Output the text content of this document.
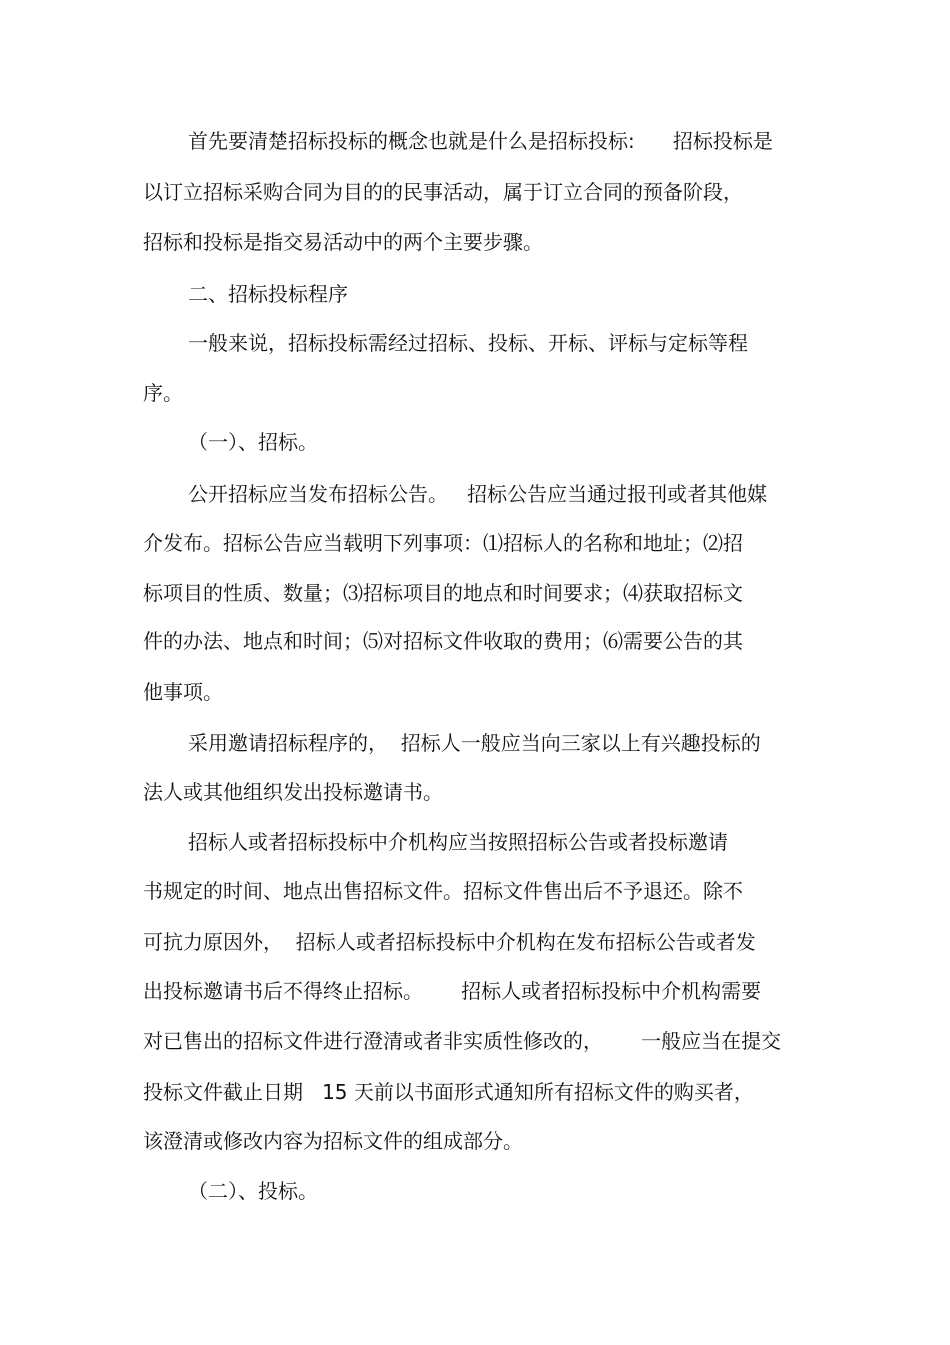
首先要清楚招标投标的概念也就是什么是招标投标:      招标投标是
以订立招标采购合同为目的的民事活动，属于订立合同的预备阶段，
招标和投标是指交易活动中的两个主要步骤。
二、招标投标程序
一般来说，招标投标需经过招标、投标、开标、评标与定标等程
序。
（一）、招标。
公开招标应当发布招标公告。   招标公告应当通过报刊或者其他媒
介发布。招标公告应当载明下列事项：⑴招标人的名称和地址；⑵招
标项目的性质、数量；⑶招标项目的地点和时间要求；⑷获取招标文
件的办法、地点和时间；⑸对招标文件收取的费用；⑹需要公告的其
他事项。
采用邀请招标程序的，  招标人一般应当向三家以上有兴趣投标的
法人或其他组织发出投标邀请书。
招标人或者招标投标中介机构应当按照招标公告或者投标邀请
书规定的时间、地点出售招标文件。招标文件售出后不予退还。除不
可抗力原因外，  招标人或者招标投标中介机构在发布招标公告或者发
出投标邀请书后不得终止招标。      招标人或者招标投标中介机构需要
对已售出的招标文件进行澄清或者非实质性修改的，      一般应当在提交
投标文件截止日期   15 天前以书面形式通知所有招标文件的购买者，
该澄清或修改内容为招标文件的组成部分。
（二）、投标。
